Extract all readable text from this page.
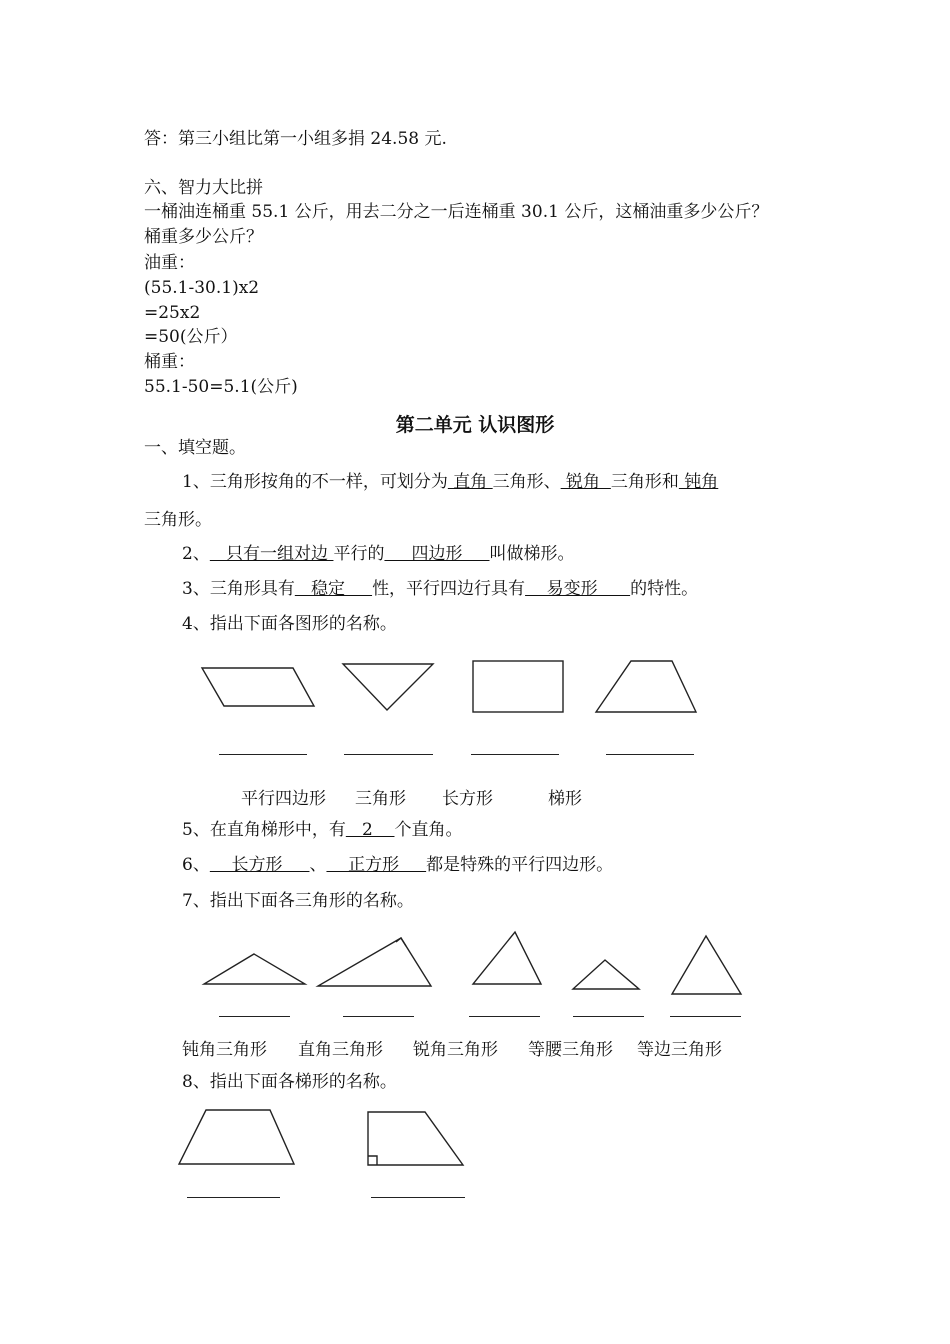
答：第三小组比第一小组多捐 24.58 元.
六、智力大比拼
一桶油连桶重 55.1 公斤，用去二分之一后连桶重 30.1 公斤，这桶油重多少公斤？
桶重多少公斤？
油重：
(55.1-30.1)x2
=25x2
=50(公斤）
桶重：
55.1-50=5.1(公斤)
第二单元 认识图形
一、填空题。
1、三角形按角的不一样，可划分为 直角 三角形、 锐角  三角形和 钝角
三角形。
2、   只有一组对边 平行的     四边形     叫做梯形。
3、三角形具有   稳定     性，平行四边行具有    易变形      的特性。
4、指出下面各图形的名称。
平行四边形 三角形 长方形	梯形
5、在直角梯形中，有   2    个直角。
6、    长方形     、    正方形     都是特殊的平行四边形。
7、指出下面各三角形的名称。
钝角三角形 直角三角形 锐角三角形 等腰三角形 等边三角形
8、指出下面各梯形的名称。
